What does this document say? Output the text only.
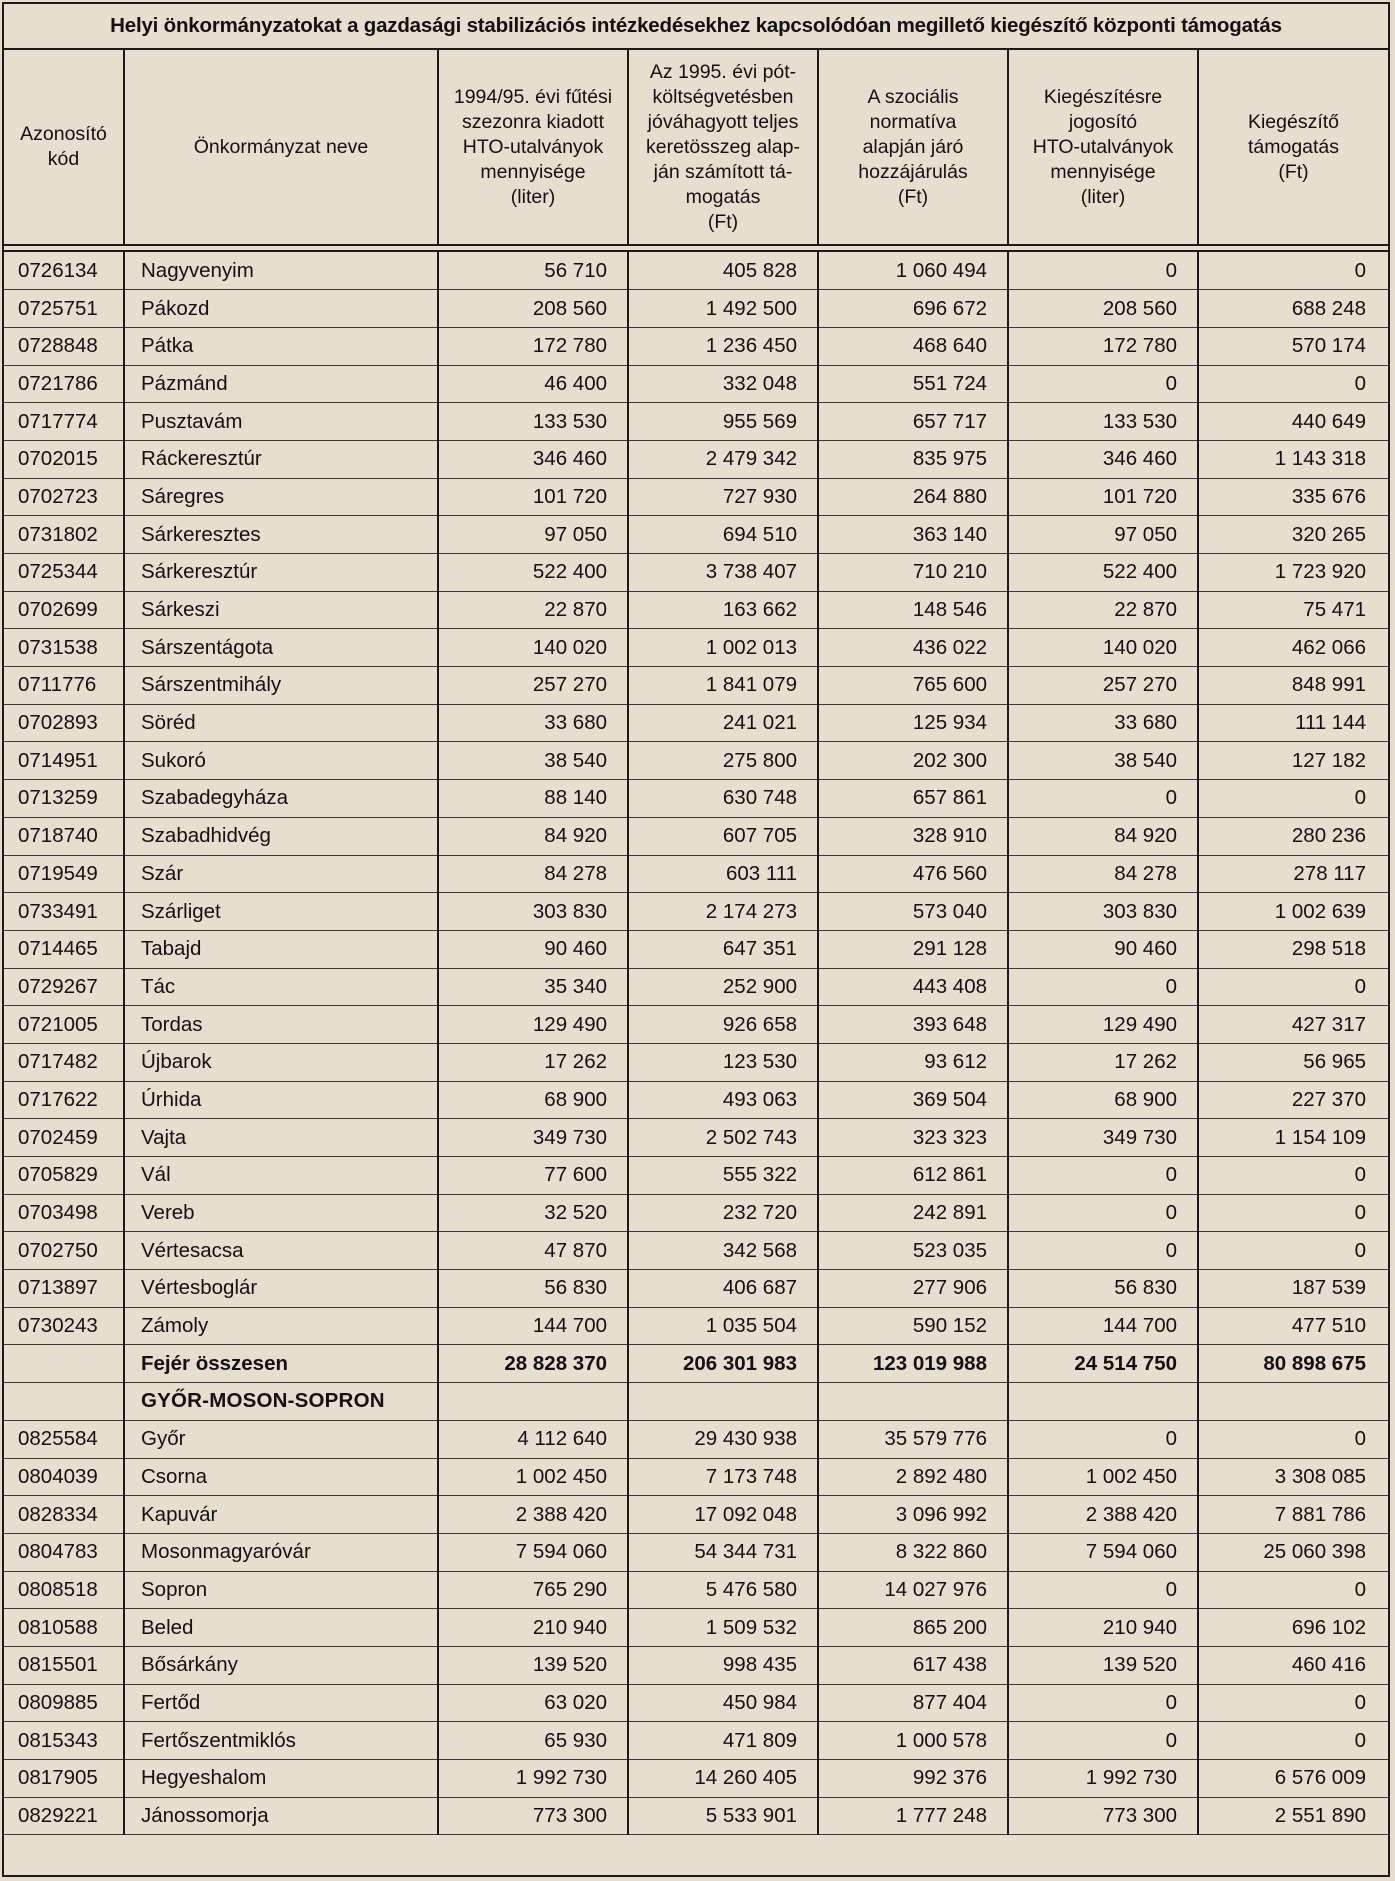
Helyi önkormányzatokat a gazdasági stabilizációs intézkedésekhez kapcsolódóan megillető kiegészítő központi támogatás
Azonosító
kód

Önkormányzat neve

1994/95. évi fűtési
szezonra kiadott
HTO-utalványok
mennyisége
(liter)

Az 1995. évi pót-
költségvetésben
jóváhagyott teljes
keretösszeg alap-
ján számított tá-
mogatás
(Ft)

A szociális
normatíva
alapján járó
hozzájárulás
(Ft)

Kiegészítésre
jogosító
HTO-utalványok
mennyisége
(liter)

Kiegészítő
támogatás
(Ft)
0726134	Nagyvenyim	56 710	405 828	1 060 494	0	0
0725751	Pákozd	208 560	1 492 500	696 672	208 560	688 248
0728848	Pátka	172 780	1 236 450	468 640	172 780	570 174
0721786	Pázmánd	46 400	332 048	551 724	0	0
0717774	Pusztavám	133 530	955 569	657 717	133 530	440 649
0702015	Ráckeresztúr	346 460	2 479 342	835 975	346 460	1 143 318
0702723	Sáregres	101 720	727 930	264 880	101 720	335 676
0731802	Sárkeresztes	97 050	694 510	363 140	97 050	320 265
0725344	Sárkeresztúr	522 400	3 738 407	710 210	522 400	1 723 920
0702699	Sárkeszi	22 870	163 662	148 546	22 870	75 471
0731538	Sárszentágota	140 020	1 002 013	436 022	140 020	462 066
0711776	Sárszentmihály	257 270	1 841 079	765 600	257 270	848 991
0702893	Söréd	33 680	241 021	125 934	33 680	111 144
0714951	Sukoró	38 540	275 800	202 300	38 540	127 182
0713259	Szabadegyháza	88 140	630 748	657 861	0	0
0718740	Szabadhidvég	84 920	607 705	328 910	84 920	280 236
0719549	Szár	84 278	603 111	476 560	84 278	278 117
0733491	Szárliget	303 830	2 174 273	573 040	303 830	1 002 639
0714465	Tabajd	90 460	647 351	291 128	90 460	298 518
0729267	Tác	35 340	252 900	443 408	0	0
0721005	Tordas	129 490	926 658	393 648	129 490	427 317
0717482	Újbarok	17 262	123 530	93 612	17 262	56 965
0717622	Úrhida	68 900	493 063	369 504	68 900	227 370
0702459	Vajta	349 730	2 502 743	323 323	349 730	1 154 109
0705829	Vál	77 600	555 322	612 861	0	0
0703498	Vereb	32 520	232 720	242 891	0	0
0702750	Vértesacsa	47 870	342 568	523 035	0	0
0713897	Vértesboglár	56 830	406 687	277 906	56 830	187 539
0730243	Zámoly	144 700	1 035 504	590 152	144 700	477 510
	Fejér összesen	28 828 370	206 301 983	123 019 988	24 514 750	80 898 675
	GYŐR-MOSON-SOPRON					
0825584	Győr	4 112 640	29 430 938	35 579 776	0	0
0804039	Csorna	1 002 450	7 173 748	2 892 480	1 002 450	3 308 085
0828334	Kapuvár	2 388 420	17 092 048	3 096 992	2 388 420	7 881 786
0804783	Mosonmagyaróvár	7 594 060	54 344 731	8 322 860	7 594 060	25 060 398
0808518	Sopron	765 290	5 476 580	14 027 976	0	0
0810588	Beled	210 940	1 509 532	865 200	210 940	696 102
0815501	Bősárkány	139 520	998 435	617 438	139 520	460 416
0809885	Fertőd	63 020	450 984	877 404	0	0
0815343	Fertőszentmiklós	65 930	471 809	1 000 578	0	0
0817905	Hegyeshalom	1 992 730	14 260 405	992 376	1 992 730	6 576 009
0829221	Jánossomorja	773 300	5 533 901	1 777 248	773 300	2 551 890
